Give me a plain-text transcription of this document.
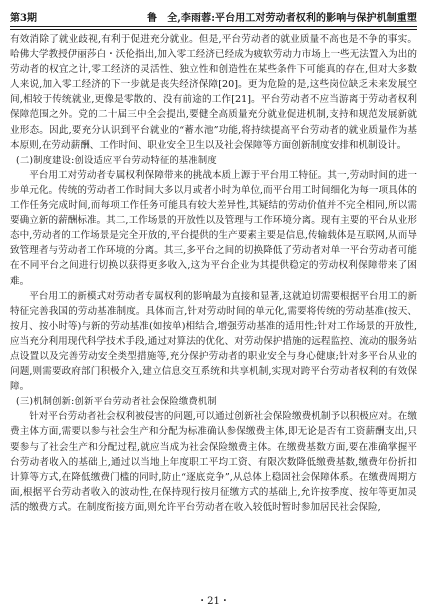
第3期	鲁　全,李雨蓉:平台用工对劳动者权利的影响与保护机制重塑

有效消除了就业歧视,有利于促进充分就业。但是,平台劳动者的就业质量不高也是不争的事实。哈佛大学教授伊丽莎白・沃伦指出,加入零工经济已经成为疲软劳动力市场上一些无法置入为出的劳动者的权宜之计,零工经济的灵活性、独立性和创造性在某些条件下可能真的存在,但对大多数人来说,加入零工经济的下一步就是丧失经济保障[20]。更为危险的是,这些岗位缺乏未来发展空间,相较于传统就业,更像是零散的、没有前途的工作[21]。平台劳动者不应当游离于劳动者权利保障范围之外。党的二十届三中全会提出,要健全高质量充分就业促进机制,支持和规范发展新就业形态。因此,要充分认识到平台就业的“蓄水池”功能,将持续提高平台劳动者的就业质量作为基本原则,在劳动薪酬、工作时间、职业安全卫生以及社会保障等方面创新制度安排和机制设计。

(二)制度建设:创设适应平台劳动特征的基准制度

平台用工对劳动者专属权利保障带来的挑战本质上源于平台用工特征。其一,劳动时间的进一步单元化。传统的劳动者工作时间大多以月或者小时为单位,而平台用工时间细化为每一项具体的工作任务完成时间,而每项工作任务可能具有较大差异性,其疑结的劳动价值并不完全相同,所以需要确立新的薪酬标准。其二,工作场景的开放性以及管理与工作环境分离。现有主要的平台从业形态中,劳动者的工作场景是完全开放的,平台提供的生产要素主要是信息,传输载体是互联网,从而导致管理者与劳动者工作环境的分离。其三,多平台之间的切换降低了劳动者对单一平台劳动者可能在不同平台之间进行切换以获得更多收入,这为平台企业为其提供稳定的劳动权利保障带来了困难。

平台用工的新模式对劳动者专属权利的影响最为直接和显著,这就迫切需要根据平台用工的新特征完善我国的劳动基准制度。具体而言,针对劳动时间的单元化,需要将传统的劳动基准(按天、按月、按小时等)与新的劳动基准(如按单)相结合,增强劳动基准的适用性;针对工作场景的开放性,应当充分利用现代科学技术手段,通过对算法的优化、对劳动保护措施的远程监控、流动的服务站点设置以及完善劳动安全类型措施等,充分保护劳动者的职业安全与身心健康;针对多平台从业的问题,则需要政府部门积极介入,建立信息交互系统和共享机制,实现对跨平台劳动者权利的有效保障。

(三)机制创新:创新平台劳动者社会保险缴费机制

针对平台劳动者社会权利被侵害的问题,可以通过创新社会保险缴费机制予以积极应对。在缴费主体方面,需要以参与社会生产和分配为标准确认参保缴费主体,即无论是否有工资薪酬支出,只要参与了社会生产和分配过程,就应当成为社会保险缴费主体。在缴费基数方面,要在准确掌握平台劳动者收入的基础上,通过以当地上年度职工平均工资、有限次数降低缴费基数,缴费年份折扣计算等方式,在降低缴费门槛的同时,防止“逐底竞争”,从总体上稳固社会保障体系。在缴费周期方面,根据平台劳动者收入的波动性,在保持现行按月征缴方式的基础上,允许按季度、按年等更加灵活的缴费方式。在制度衔接方面,则允许平台劳动者在收入较低时暂时参加居民社会保险,

・21・
